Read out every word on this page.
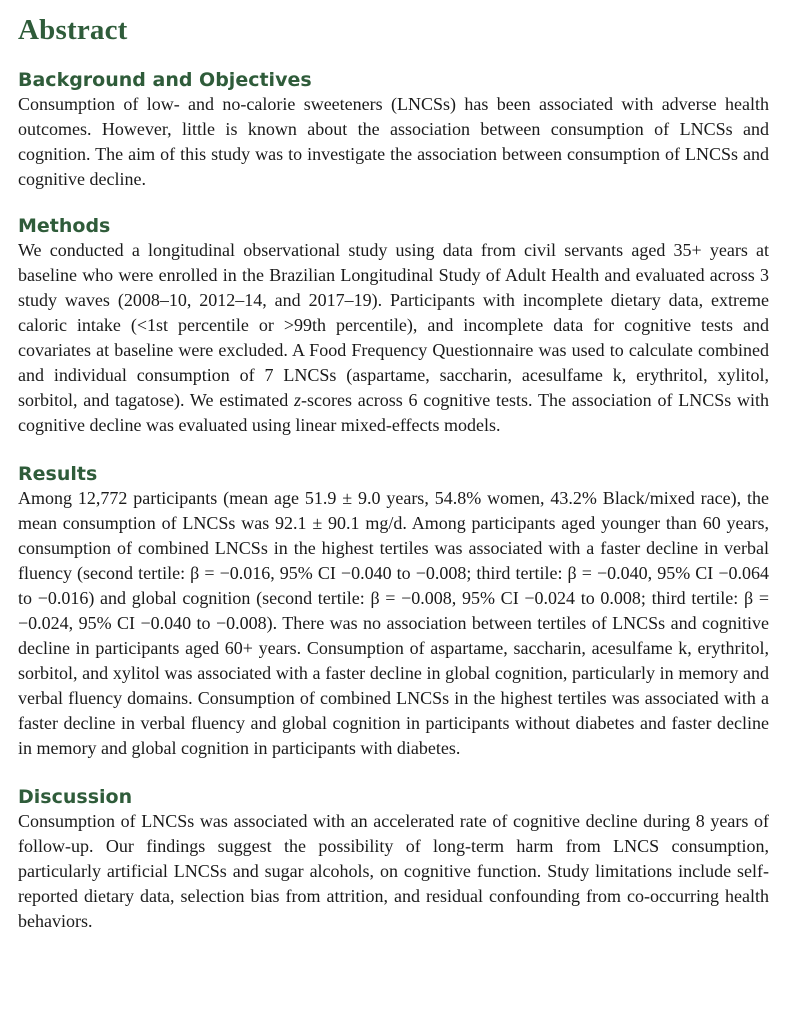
Abstract
Background and Objectives

Consumption of low- and no-calorie sweeteners (LNCSs) has been associated with adverse health outcomes. However, little is known about the association between consumption of LNCSs and cognition. The aim of this study was to investigate the association between consumption of LNCSs and cognitive decline.

Methods

We conducted a longitudinal observational study using data from civil servants aged 35+ years at baseline who were enrolled in the Brazilian Longitudinal Study of Adult Health and evaluated across 3 study waves (2008–10, 2012–14, and 2017–19). Participants with incomplete dietary data, extreme caloric intake (<1st percentile or >99th percentile), and incomplete data for cognitive tests and covariates at baseline were excluded. A Food Frequency Questionnaire was used to calculate combined and individual consumption of 7 LNCSs (aspartame, saccharin, acesulfame k, erythritol, xylitol, sorbitol, and tagatose). We estimated z-scores across 6 cognitive tests. The association of LNCSs with cognitive decline was evaluated using linear mixed-effects models.

Results

Among 12,772 participants (mean age 51.9 ± 9.0 years, 54.8% women, 43.2% Black/mixed race), the mean consumption of LNCSs was 92.1 ± 90.1 mg/d. Among participants aged younger than 60 years, consumption of combined LNCSs in the highest tertiles was associated with a faster decline in verbal fluency (second tertile: β = −0.016, 95% CI −0.040 to −0.008; third tertile: β = −0.040, 95% CI −0.064 to −0.016) and global cognition (second tertile: β = −0.008, 95% CI −0.024 to 0.008; third tertile: β = −0.024, 95% CI −0.040 to −0.008). There was no association between tertiles of LNCSs and cognitive decline in participants aged 60+ years. Consumption of aspartame, saccharin, acesulfame k, erythritol, sorbitol, and xylitol was associated with a faster decline in global cognition, particularly in memory and verbal fluency domains. Consumption of combined LNCSs in the highest tertiles was associated with a faster decline in verbal fluency and global cognition in participants without diabetes and faster decline in memory and global cognition in participants with diabetes.

Discussion

Consumption of LNCSs was associated with an accelerated rate of cognitive decline during 8 years of follow-up. Our findings suggest the possibility of long-term harm from LNCS consumption, particularly artificial LNCSs and sugar alcohols, on cognitive function. Study limitations include self-reported dietary data, selection bias from attrition, and residual confounding from co-occurring health behaviors.
